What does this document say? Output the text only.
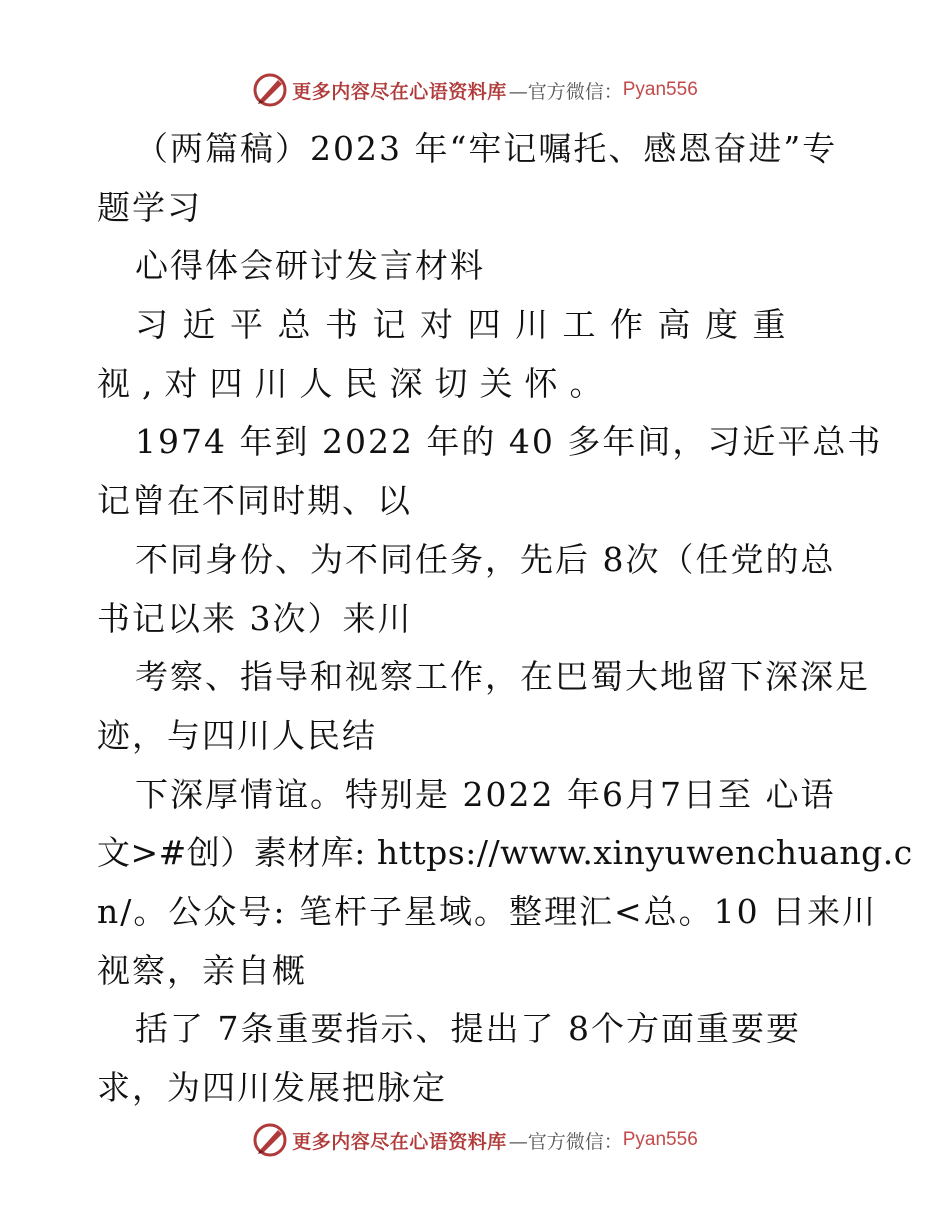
更多内容尽在心语资料库 —官方微信： Pyan556
（两篇稿）2023 年“牢记嘱托、感恩奋进”专
题学习
心得体会研讨发言材料
习近平总书记对四川工作高度重
视,对四川人民深切关怀。
1974 年到 2022 年的 40 多年间，习近平总书
记曾在不同时期、以
不同身份、为不同任务，先后 8次（任党的总
书记以来 3次）来川
考察、指导和视察工作，在巴蜀大地留下深深足
迹，与四川人民结
下深厚情谊。特别是 2022 年6月7日至 心语
文>#创）素材库: https://www.xinyuwenchuang.c
n/。公众号: 笔杆子星域。整理汇<总。10 日来川
视察，亲自概
括了 7条重要指示、提出了 8个方面重要要
求，为四川发展把脉定
更多内容尽在心语资料库 —官方微信： Pyan556
